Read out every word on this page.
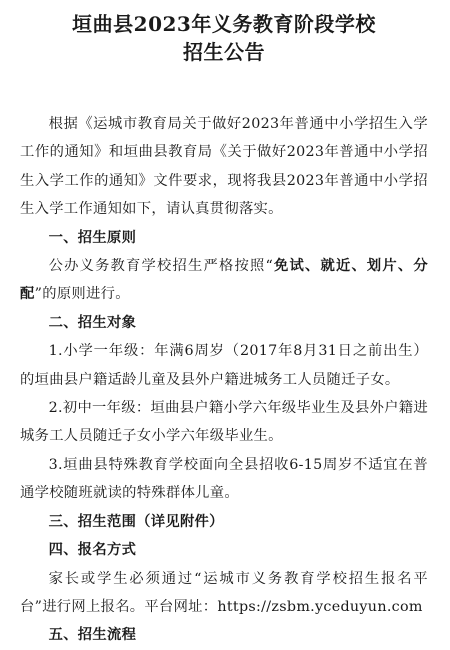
垣曲县2023年义务教育阶段学校
招生公告

根据《运城市教育局关于做好2023年普通中小学招生入学工作的通知》和垣曲县教育局《关于做好2023年普通中小学招生入学工作的通知》文件要求，现将我县2023年普通中小学招生入学工作通知如下，请认真贯彻落实。

一、招生原则

公办义务教育学校招生严格按照“免试、就近、划片、分配”的原则进行。

二、招生对象

1.小学一年级：年满6周岁（2017年8月31日之前出生）的垣曲县户籍适龄儿童及县外户籍进城务工人员随迁子女。

2.初中一年级：垣曲县户籍小学六年级毕业生及县外户籍进城务工人员随迁子女小学六年级毕业生。

3.垣曲县特殊教育学校面向全县招收6-15周岁不适宜在普通学校随班就读的特殊群体儿童。

三、招生范围（详见附件）

四、报名方式

家长或学生必须通过“运城市义务教育学校招生报名平台”进行网上报名。平台网址：https://zsbm.yceduyun.com

五、招生流程
